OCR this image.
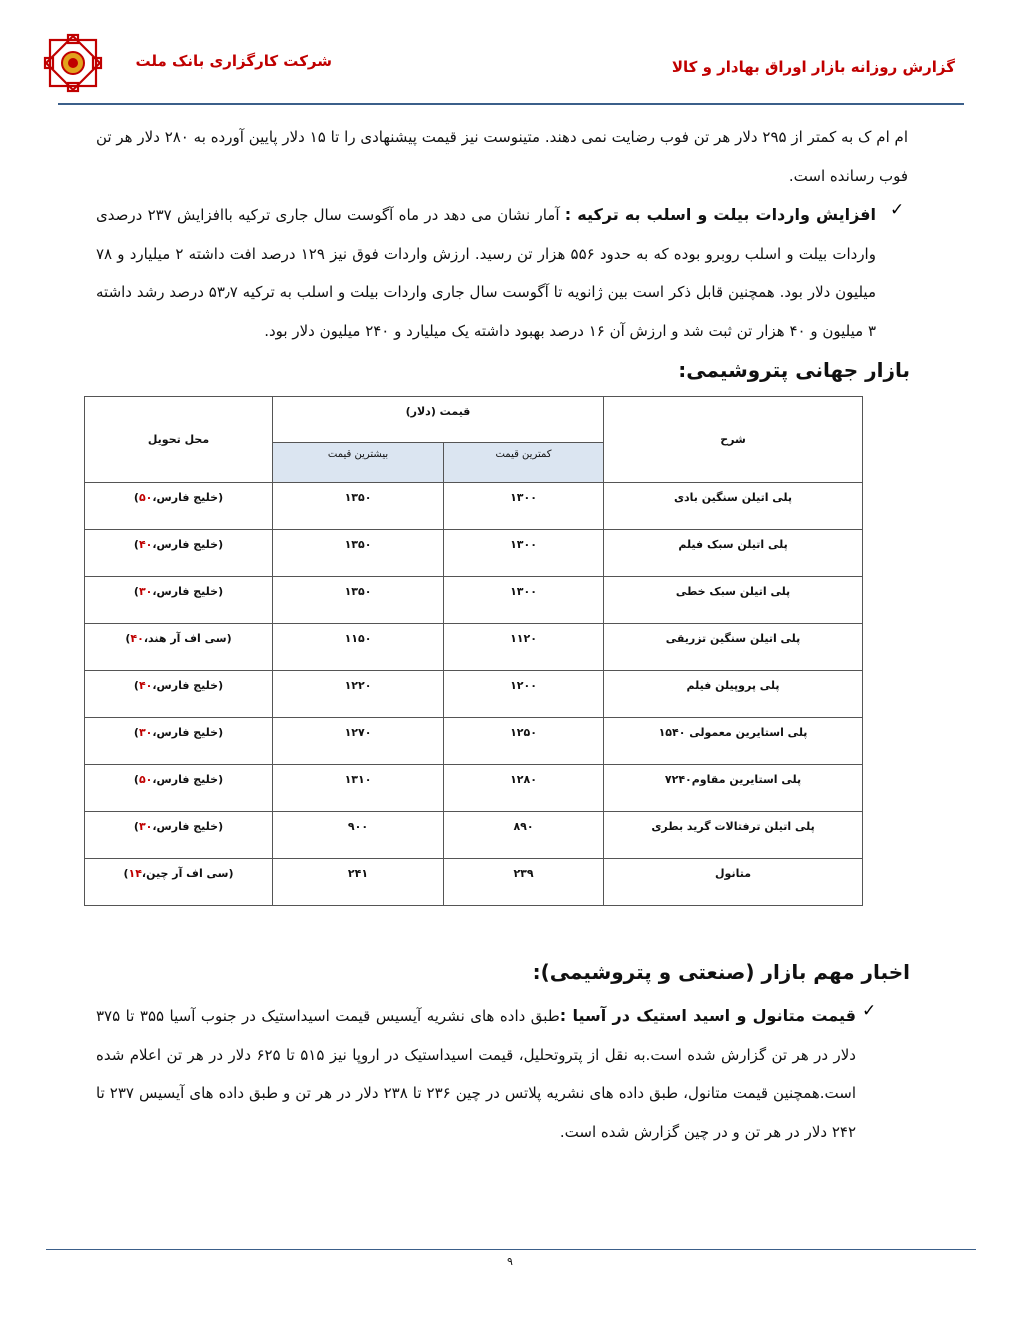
شرکت کارگزاری بانک ملت	گزارش روزانه بازار اوراق بهادار و کالا
ام ام ک به کمتر از ۲۹۵ دلار هر تن فوب رضایت نمی دهند. متینوست نیز قیمت پیشنهادی را تا ۱۵ دلار پایین آورده به ۲۸۰ دلار هر تن فوب رسانده است.
✓
افزایش واردات بیلت و اسلب به ترکیه : آمار نشان می دهد در ماه آگوست سال جاری ترکیه باافزایش ۲۳۷ درصدی واردات بیلت و اسلب روبرو بوده که به حدود ۵۵۶ هزار تن رسید. ارزش واردات فوق نیز ۱۲۹ درصد افت داشته ۲ میلیارد و ۷۸ میلیون دلار بود. همچنین قابل ذکر است بین ژانویه تا آگوست سال جاری واردات بیلت و اسلب به ترکیه ۵۳٫۷ درصد رشد داشته ۳ میلیون و ۴۰ هزار تن ثبت شد و ارزش آن ۱۶ درصد بهبود داشته یک میلیارد و ۲۴۰ میلیون دلار بود.
بازار جهانی پتروشیمی:
شرح	قیمت (دلار)		محل تحویل
	کمترین قیمت	بیشترین قیمت	
پلی اتیلن سنگین بادی	۱۳۰۰	۱۳۵۰	(خلیج فارس،۵۰)
پلی اتیلن سبک فیلم	۱۳۰۰	۱۳۵۰	(خلیج فارس،۴۰)
پلی اتیلن سبک خطی	۱۳۰۰	۱۳۵۰	(خلیج فارس،۳۰)
پلی اتیلن سنگین تزریقی	۱۱۲۰	۱۱۵۰	(سی اف آر هند،۴۰)
پلی پروپیلن فیلم	۱۲۰۰	۱۲۲۰	(خلیج فارس،۴۰)
پلی استایرین معمولی ۱۵۴۰	۱۲۵۰	۱۲۷۰	(خلیج فارس،۳۰)
پلی استایرین مقاوم۷۲۴۰	۱۲۸۰	۱۳۱۰	(خلیج فارس،۵۰)
پلی اتیلن ترفتالات گرید بطری	۸۹۰	۹۰۰	(خلیج فارس،۳۰)
متانول	۲۳۹	۲۴۱	(سی اف آر چین،۱۴)
اخبار مهم بازار (صنعتی و پتروشیمی):
✓
قیمت متانول و اسید استیک در آسیا :طبق داده های نشریه آیسیس قیمت اسیداستیک در جنوب آسیا ۳۵۵ تا ۳۷۵ دلار در هر تن گزارش شده است.به نقل از پتروتحلیل، قیمت اسیداستیک در اروپا نیز ۵۱۵ تا ۶۲۵ دلار در هر تن اعلام شده است.همچنین قیمت متانول، طبق داده های نشریه پلاتس در چین ۲۳۶ تا ۲۳۸ دلار در هر تن و طبق داده های آیسیس ۲۳۷ تا ۲۴۲ دلار در هر تن و در چین گزارش شده است.
۹
